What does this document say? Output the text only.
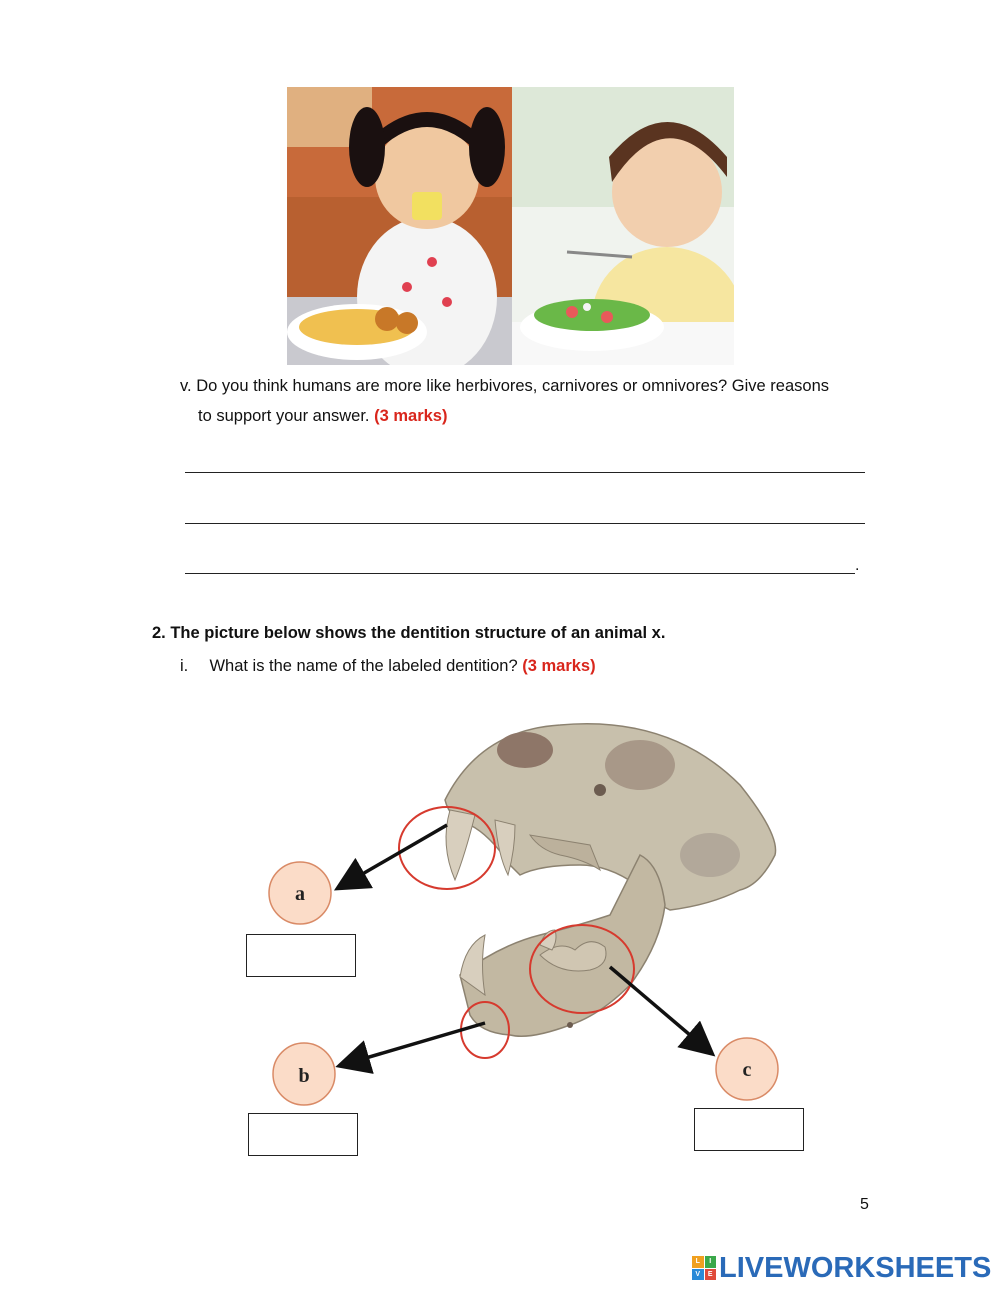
v. Do you think humans are more like herbivores, carnivores or omnivores? Give reasons
to support your answer. (3 marks)
.
2. The picture below shows the dentition structure of an animal x.
i. What is the name of the labeled dentition? (3 marks)
a
b	c
5
L	I
V	E LIVEWORKSHEETS
